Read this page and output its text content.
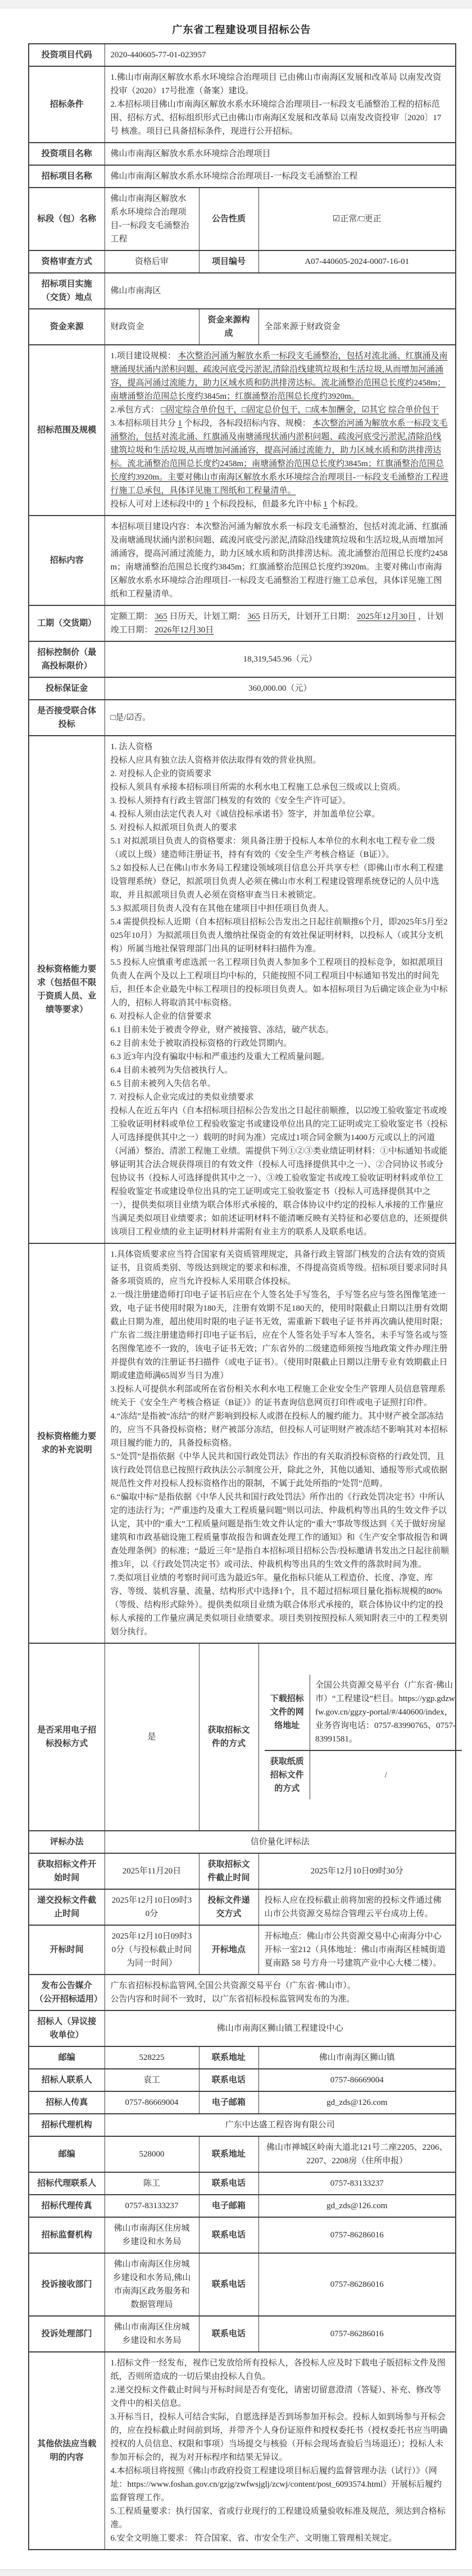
广东省工程建设项目招标公告
投资项目代码	2020-440605-77-01-023957
招标条件	1.佛山市南海区解放水系水环境综合治理项目 已由佛山市南海区发展和改革局 以南发改资投审（2020）17号批准（备案）建设。
2.本招标项目佛山市南海区解放水系水环境综合治理项目-一标段支毛涌整治工程的招标范围、招标方式、招标组织形式已由佛山市南海区发展和改革局 以南发改资投审〔2020〕17号 核准。项目已具备招标条件，现进行公开招标。
投资项目名称	佛山市南海区解放水系水环境综合治理项目
招标项目名称	佛山市南海区解放水系水环境综合治理项目-一标段支毛涌整治工程
标段（包）名称	佛山市南海区解放水系水环境综合治理项目-一标段支毛涌整治工程	公告性质	☑正常/□更正
资格审查方式	资格后审	项目编号	A07-440605-2024-0007-16-01
招标项目实施（交货）地点	佛山市南海区
资金来源	财政资金	资金来源构成	全部来源于财政资金
招标范围及规模	1.项目建设规模： 本次整治河涌为解放水系一标段支毛涌整治，包括对流北涌、红旗涌及南塘涌现状涌内淤积问题、疏浚河底受污淤泥,清除沿线建筑垃圾和生活垃圾,从而增加河涌涌容，提高河涌过流能力，助力区域水质和防洪排涝达标。流北涌整治范围总长度约2458m；南塘涌整治范围总长度约3845m；红旗涌整治范围总长度约3920m。
2.承包方式： □固定综合单价包干，□固定总价包干，□成本加酬金，☑其它 综合单价包干
3.本招标项目共分 1 个标段，各标段招标内容、规模： 本次整治河涌为解放水系一标段支毛涌整治，包括对流北涌、红旗涌及南塘涌现状涌内淤积问题、疏浚河底受污淤泥,清除沿线建筑垃圾和生活垃圾,从而增加河涌涌容，提高河涌过流能力，助力区域水质和防洪排涝达标。流北涌整治范围总长度约2458m；南塘涌整治范围总长度约3845m；红旗涌整治范围总长度约3920m。主要对佛山市南海区解放水系水环境综合治理项目-一标段支毛涌整治工程进行施工总承包，具体详见施工图纸和工程量清单。
投标人可对上述标段中的 1 个标段投标，但最多允许中标 1 个标段。
招标内容	本招标项目建设内容：本次整治河涌为解放水系一标段支毛涌整治，包括对流北涌、红旗涌及南塘涌现状涌内淤积问题、疏浚河底受污淤泥,清除沿线建筑垃圾和生活垃圾,从而增加河涌涌容，提高河涌过流能力，助力区域水质和防洪排涝达标。流北涌整治范围总长度约2458m；南塘涌整治范围总长度约3845m；红旗涌整治范围总长度约3920m。主要对佛山市南海区解放水系水环境综合治理项目-一标段支毛涌整治工程进行施工总承包，具体详见施工图纸和工程量清单。
工期（交货期）	定额工期： 365 日历天，计划工期： 365 日历天，计划开工日期： 2025年12月30日 ，计划竣工日期： 2026年12月30日
招标控制价（最高投标限价）	18,319,545.96（元）
投标保证金	360,000.00（元）
是否接受联合体投标	□是/☑否。
投标资格能力要求（包括但不限于资质人员、业绩等要求）	1. 法人资格
投标人应具有独立法人资格并依法取得有效的营业执照。
2. 对投标人企业的资质要求
投标人须具有承接本招标项目所需的水利水电工程施工总承包三级或以上资质。
3. 投标人须持有行政主管部门核发的有效的《安全生产许可证》。
4. 投标人须由法定代表人对《诚信投标承诺书》签字，并加盖单位公章。
5. 对投标人拟派项目负责人的要求
5.1 对拟派项目负责人的资格要求：须具备注册于投标人本单位的水利水电工程专业二级（或以上级）建造师注册证书，持有有效的《安全生产考核合格证（B证）》。
5.2 如投标人已在佛山市水务局工程建设领域项目信息公开共享专栏（即佛山市水利工程建设管理系统）登记，拟派项目负责人必须在佛山市水利工程建设管理系统登记的人员中选取，并且拟派项目负责人必须在资格审查当日未被锁定。
5.3 拟派项目负责人没有在其他在建项目中担任项目负责人。
5.4 需提供投标人近期（自本招标项目招标公告发出之日起往前顺推6个月，即2025年5月至2025年10月）为拟派项目负责人缴纳社保资金的有效社保证明材料，以投标人（或其分支机构）所属当地社保管理部门出具的证明材料扫描件为准。
5.5 投标人应慎重考虑选派一名工程项目负责人参加多个工程项目的投标竞争，如拟派项目负责人在两个及以上工程项目均中标的，只能按照不同工程项目中标通知书发出的时间先后，担任本企业最先中标工程项目的投标项目负责人。如本招标项目为后确定该企业为中标人的，招标人将取消其中标资格。
6. 对投标人企业的信誉要求
6.1 目前未处于被责令停业，财产被接管、冻结，破产状态。
6.2 目前未处于被取消投标资格的行政处罚期内。
6.3 近3年内没有骗取中标和严重违约及重大工程质量问题。
6.4 目前未被列为失信被执行人。
6.5 目前未被列入失信名单。
7. 对投标人企业完成过的类似业绩要求
投标人在近五年内（自本招标项目招标公告发出之日起往前顺推，以☑竣工验收鉴定书或竣工验收证明材料或单位工程验收鉴定书或建设单位出具的完工证明或完工验收鉴定书（投标人可选择提供其中之一）载明的时间为准）完成过1项合同金额为1400万元或以上的河道（河涌）整治、清淤工程施工业绩。需提供下列①②③类业绩证明材料：①中标通知书或能够证明其合法合规获得项目的有效文件（投标人可选择提供其中之一）、②合同协议书或分包协议书（投标人可选择提供其中之一）、③竣工验收鉴定书或竣工验收证明材料或单位工程验收鉴定书或建设单位出具的完工证明或完工验收鉴定书（投标人可选择提供其中之一），提供类似项目业绩为联合体形式承接的，联合体协议中约定的投标人承接的工作量应当满足类似项目业绩要求；如前述证明材料不能清晰反映有关特征和必要信息的，还须提供该项目工程业绩的业主证明材料并需附有业主方的联系人及联系电话。
投标资格能力要求的补充说明	1.具体资质要求应当符合国家有关资质管理规定，具备行政主管部门核发的合法有效的资质证书，且资质类别、等级达到规定的要求和标准，不得提高资质等级。招标项目要求同时具备多项资质的，应当允许投标人采用联合体投标。
2.一级注册建造师打印电子证书后应在个人签名处手写签名，手写签名应与签名图像笔迹一致，电子证书使用时限为180天，注册有效期不足180天的，使用时限截止日期以注册有效期截止日期为准，超出使用时限的电子证书无效，需重新下载电子证书并再次确认使用时限；广东省二级注册建造师打印电子证书后，应在个人签名处手写本人签名，未手写签名或与签名图像笔迹不一致的，该电子证书无效；广东省外的二级建造师须按当地政策文件办理注册并提供有效的注册证书扫描件（或电子证书）。（使用时限截止日期以注册专业有效期截止日期或建造师满65周岁当日为准）
3.投标人可提供水利部或所在省份相关水利水电工程施工企业安全生产管理人员信息管理系统关于《安全生产考核合格证（B证）》的证书查询信息网页打印件或电子证照打印件。
4.“冻结”是指被“冻结”的财产影响到投标人或潜在投标人的履约能力。其中财产被全部冻结的，应当不具备投标资格；财产被部分冻结，但投标人可证明财产被冻结不影响其对本招标项目履约能力的，具备投标资格。
5.“处罚”是指依据《中华人民共和国行政处罚法》作出的有关取消投标资格的行政处罚，且该行政处罚信息已按照行政执法公示制度公开，除此之外，其他以通知、通报等形式或依据规范性文件对投标人投标资格作出的限制，不属于此处所指的“处罚”范畴。
6.“骗取中标”是指依据《中华人民共和国行政处罚法》所作出的《行政处罚决定书》中所认定的违法行为；“严重违约及重大工程质量问题”则以司法、仲裁机构等出具的生效文件予以认定，其中的“重大”工程质量问题是指生效文件认定的“重大”事故等级达到《关于做好房屋建筑和市政基础设施工程质量事故报告和调查处理工作的通知》和《生产安全事故报告和调查处理条例》的标准；“最近三年”是指自本招标项目招标公告/投标邀请书发出之日起往前顺推3年，以《行政处罚决定书》或司法、仲裁机构等出具的生效文件的落款时间为准。
7.类似项目业绩的考察时间可选为最近5年。量化指标只能从工程造价、长度、净宽、库容、等级、装机容量、流量、结构形式中选择1个，且不超过招标项目量化指标规模的80%（等级、结构形式除外）。提供类似项目业绩为联合体形式承接的，联合体协议中约定的投标人承接的工作量应满足类似项目业绩要求。项目类别按照投标人须知附表三中的工程类别划分执行。
是否采用电子招标投标方式	是	获取招标文件的方式	

下载招标文件的网络地址	全国公共资源交易平台（广东省·佛山市）“工程建设”栏目。https://ygp.gdzwfw.gov.cn/ggzy-portal/#/440600/index，业务咨询电话：0757-83990765、0757-83991581。
获取纸质招标文件的方式	/

评标办法	信价量化评标法
获取招标文件开始时间	2025年11月20日	获取招标文件截止时间	2025年12月10日09时30分
递交投标文件截止时间	2025年12月10日09时30分	投标文件递交方式	投标人应在投标截止前将加密的投标文件通过佛山市公共资源交易综合管理云平台成功上传。
开标时间	2025年12月10日09时30分（与投标截止时间为同一时间）	开标地点	开标地点：佛山市公共资源交易中心南海分中心开标一室212（具体地址：佛山市南海区桂城街道夏南路 58 号方舟一号建筑产业中心大楼二楼）。
发布公告媒介（公开招标适用）	广东省招标投标监管网,全国公共资源交易平台（广东省·佛山市）。
公告内容和时间不一致时，以广东省招标投标监管网发布的为准。
招标人（异议接收单位）	佛山市南海区狮山镇工程建设中心
邮编	528225	联系地址	佛山市南海区狮山镇
招标人联系人	袁工	联系电话	0757-86669004
招标人传真	0757-86669004	电子邮箱	gd_zds@126.com
招标代理机构	广东中达盛工程咨询有限公司
邮编	528000	联系地址	佛山市禅城区岭南大道北121号二座2205、2206、2207、2208房（住所申报）
招标代理联系人	陈工	联系电话	0757-83133237
招标代理传真	0757-83133237	电子邮箱	gd_zds@126.com
招标监督机构	佛山市南海区住房城乡建设和水务局	联系电话	0757-86286016
投诉接收部门	佛山市南海区住房城乡建设和水务局,佛山市南海区政务服务和数据管理局	联系电话	0757-86286016
投诉处理部门	佛山市南海区住房城乡建设和水务局	联系电话	0757-86286016
其他依法应当载明的内容	1.招标文件一经发布，视作已发放给所有投标人，各投标人应及时下载电子版招标文件及图纸，否则所造成的一切后果由投标人自负。
2.递交投标文件截止时间与开标时间是否有变化，请密切留意澄清（答疑）、补充、修改等文件中的相关信息。
3.开标当日，投标人可结合实际，自愿选择是否到场参加开标会。投标人如到场参与开标会的，应在投标截止时间前到场，并带齐个人身份证原件和授权委托书（授权委托书应当明确授权的人员信息、权限和事项）当场提交与核验（开标会现场查验后当场退还）；投标人未参加开标会的，视为对开标程序和结果无异议。
4.本招标项目将按照《佛山市政府投资工程建设项目标后履约监督管理办法（试行）》（网址：https://www.foshan.gov.cn/gzjg/zwfwsjglj/zcwj/content/post_6093574.html）开展标后履约监督管理工作。
5.工程质量要求：执行国家、省或行业现行的工程建设质量验收标准及规范，须达到合格标准。
6.安全文明施工要求： 符合国家、省、市安全生产、文明施工管理相关规定。
